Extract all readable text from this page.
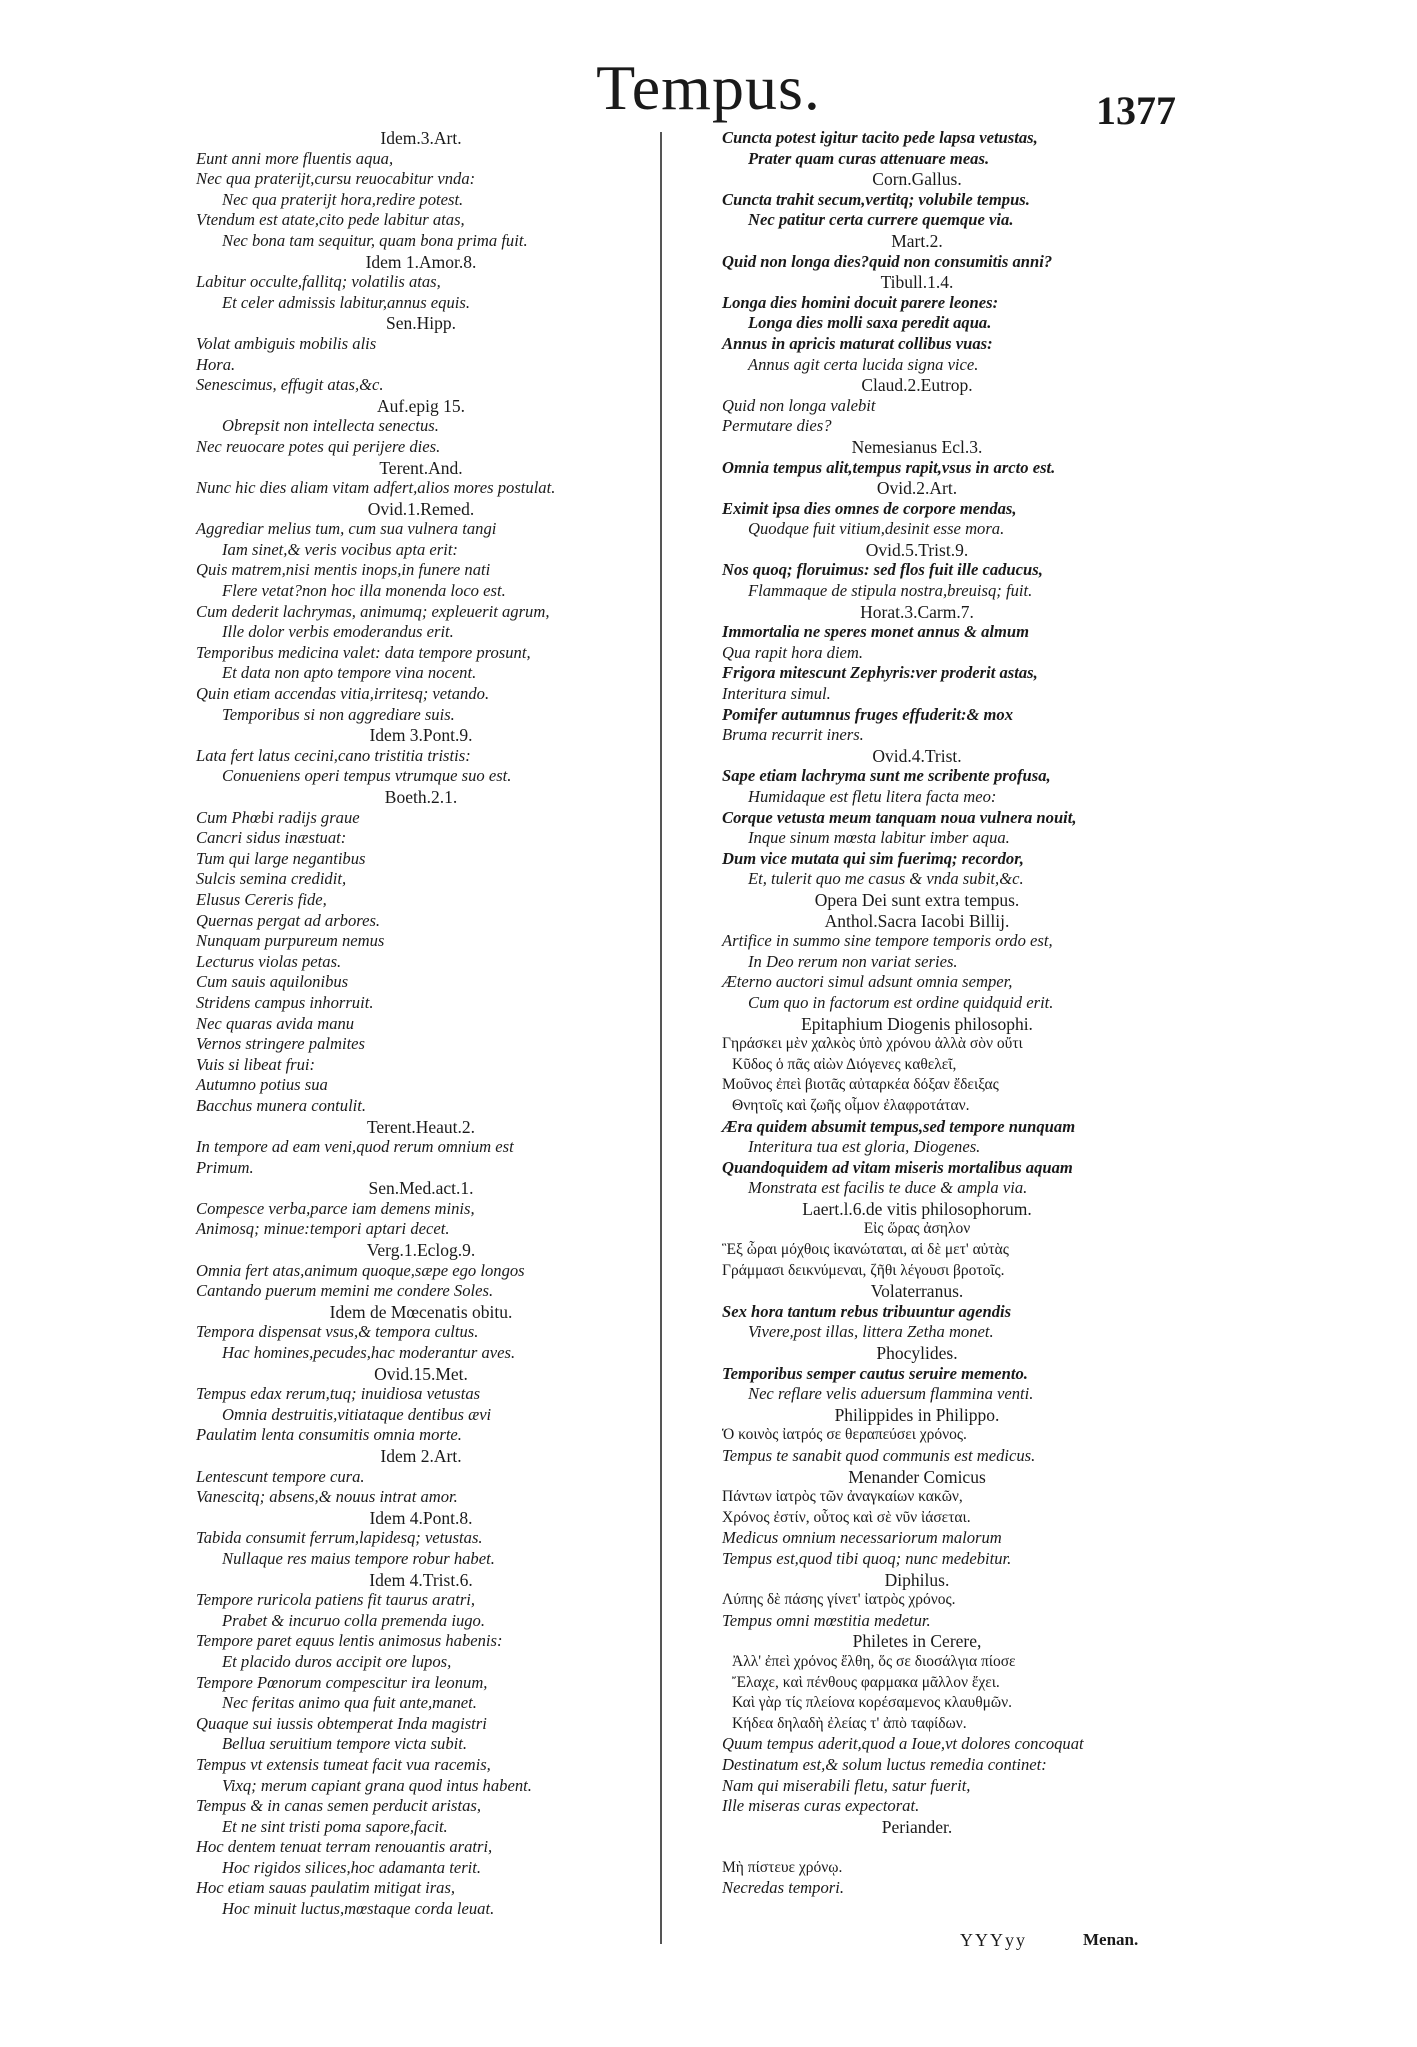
Tempus.	1377
Idem.3.Art.
Eunt anni more fluentis aqua,
Nec qua praterijt,cursu reuocabitur vnda:
Nec qua praterijt hora,redire potest.
Vtendum est atate,cito pede labitur atas,
Nec bona tam sequitur, quam bona prima fuit.
Idem 1.Amor.8.
Labitur occulte,fallitq; volatilis atas,
Et celer admissis labitur,annus equis.
Sen.Hipp.
Volat ambiguis mobilis alis
Hora.
Senescimus, effugit atas,&c.
Auf.epig 15.
Obrepsit non intellecta senectus.
Nec reuocare potes qui perijere dies.
Terent.And.
Nunc hic dies aliam vitam adfert,alios mores postulat.
Ovid.1.Remed.
Aggrediar melius tum, cum sua vulnera tangi
Iam sinet,& veris vocibus apta erit:
Quis matrem,nisi mentis inops,in funere nati
Flere vetat?non hoc illa monenda loco est.
Cum dederit lachrymas, animumq; expleuerit agrum,
Ille dolor verbis emoderandus erit.
Temporibus medicina valet: data tempore prosunt,
Et data non apto tempore vina nocent.
Quin etiam accendas vitia,irritesq; vetando.
Temporibus si non aggrediare suis.
Idem 3.Pont.9.
Lata fert latus cecini,cano tristitia tristis:
Conueniens operi tempus vtrumque suo est.
Boeth.2.1.
Cum Phœbi radijs graue
Cancri sidus inæstuat:
Tum qui large negantibus
Sulcis semina credidit,
Elusus Cereris fide,
Quernas pergat ad arbores.
Nunquam purpureum nemus
Lecturus violas petas.
Cum sauis aquilonibus
Stridens campus inhorruit.
Nec quaras avida manu
Vernos stringere palmites
Vuis si libeat frui:
Autumno potius sua
Bacchus munera contulit.
Terent.Heaut.2.
In tempore ad eam veni,quod rerum omnium est
Primum.
Sen.Med.act.1.
Compesce verba,parce iam demens minis,
Animosq; minue:tempori aptari decet.
Verg.1.Eclog.9.
Omnia fert atas,animum quoque,sæpe ego longos
Cantando puerum memini me condere Soles.
Idem de Mœcenatis obitu.
Tempora dispensat vsus,& tempora cultus.
Hac homines,pecudes,hac moderantur aves.
Ovid.15.Met.
Tempus edax rerum,tuq; inuidiosa vetustas
Omnia destruitis,vitiataque dentibus ævi
Paulatim lenta consumitis omnia morte.
Idem 2.Art.
Lentescunt tempore cura.
Vanescitq; absens,& nouus intrat amor.
Idem 4.Pont.8.
Tabida consumit ferrum,lapidesq; vetustas.
Nullaque res maius tempore robur habet.
Idem 4.Trist.6.
Tempore ruricola patiens fit taurus aratri,
Prabet & incuruo colla premenda iugo.
Tempore paret equus lentis animosus habenis:
Et placido duros accipit ore lupos,
Tempore Pœnorum compescitur ira leonum,
Nec feritas animo qua fuit ante,manet.
Quaque sui iussis obtemperat Inda magistri
Bellua seruitium tempore victa subit.
Tempus vt extensis tumeat facit vua racemis,
Vixq; merum capiant grana quod intus habent.
Tempus & in canas semen perducit aristas,
Et ne sint tristi poma sapore,facit.
Hoc dentem tenuat terram renouantis aratri,
Hoc rigidos silices,hoc adamanta terit.
Hoc etiam sauas paulatim mitigat iras,
Hoc minuit luctus,mœstaque corda leuat.
Cuncta potest igitur tacito pede lapsa vetustas,
Prater quam curas attenuare meas.
Corn.Gallus.
Cuncta trahit secum,vertitq; volubile tempus.
Nec patitur certa currere quemque via.
Mart.2.
Quid non longa dies?quid non consumitis anni?
Tibull.1.4.
Longa dies homini docuit parere leones:
Longa dies molli saxa peredit aqua.
Annus in apricis maturat collibus vuas:
Annus agit certa lucida signa vice.
Claud.2.Eutrop.
Quid non longa valebit
Permutare dies?
Nemesianus Ecl.3.
Omnia tempus alit,tempus rapit,vsus in arcto est.
Ovid.2.Art.
Eximit ipsa dies omnes de corpore mendas,
Quodque fuit vitium,desinit esse mora.
Ovid.5.Trist.9.
Nos quoq; floruimus: sed flos fuit ille caducus,
Flammaque de stipula nostra,breuisq; fuit.
Horat.3.Carm.7.
Immortalia ne speres monet annus & almum
Qua rapit hora diem.
Frigora mitescunt Zephyris:ver proderit astas,
Interitura simul.
Pomifer autumnus fruges effuderit:& mox
Bruma recurrit iners.
Ovid.4.Trist.
Sape etiam lachryma sunt me scribente profusa,
Humidaque est fletu litera facta meo:
Corque vetusta meum tanquam noua vulnera nouit,
Inque sinum mœsta labitur imber aqua.
Dum vice mutata qui sim fuerimq; recordor,
Et, tulerit quo me casus & vnda subit,&c.
Opera Dei sunt extra tempus.
Anthol.Sacra Iacobi Billij.
Artifice in summo sine tempore temporis ordo est,
In Deo rerum non variat series.
Æterno auctori simul adsunt omnia semper,
Cum quo in factorum est ordine quidquid erit.
Epitaphium Diogenis philosophi.
Γηράσκει μὲν χαλκὸς ὑπὸ χρόνου ἀλλὰ σὸν οὔτι
Κῦδος ὁ πᾶς αἰὼν Διόγενες καθελεῖ,
Μοῦνος ἐπεὶ βιοτᾶς αὐταρκέα δόξαν ἔδειξας
Θνητοῖς καὶ ζωῆς οἶμον ἐλαφροτάταν.
Æra quidem absumit tempus,sed tempore nunquam
Interitura tua est gloria, Diogenes.
Quandoquidem ad vitam miseris mortalibus aquam
Monstrata est facilis te duce & ampla via.
Laert.l.6.de vitis philosophorum.
Εἰς ὥρας ἀσηλον
Ἓξ ὧραι μόχθοις ἱκανώταται, αἱ δὲ μετ' αὐτὰς
Γράμμασι δεικνύμεναι, ζῆθι λέγουσι βροτοῖς.
Volaterranus.
Sex hora tantum rebus tribuuntur agendis
Vivere,post illas, littera Zetha monet.
Phocylides.
Temporibus semper cautus seruire memento.
Nec reflare velis aduersum flammina venti.
Philippides in Philippo.
Ὁ κοινὸς ἰατρός σε θεραπεύσει χρόνος.
Tempus te sanabit quod communis est medicus.
Menander Comicus
Πάντων ἰατρὸς τῶν ἀναγκαίων κακῶν,
Χρόνος ἐστίν, οὗτος καὶ σὲ νῦν ἰάσεται.
Medicus omnium necessariorum malorum
Tempus est,quod tibi quoq; nunc medebitur.
Diphilus.
Λύπης δὲ πάσης γίνετ' ἰατρὸς χρόνος.
Tempus omni mœstitia medetur.
Philetes in Cerere,
Ἀλλ' ἐπεὶ χρόνος ἔλθη, ὅς σε διοσάλγια πίοσε
Ἔλαχε, καὶ πένθους φαρμακα μᾶλλον ἔχει.
Καὶ γὰρ τίς πλείονα κορέσαμενος κλαυθμῶν.
Κήδεα δηλαδὴ ἐλείας τ' ἀπὸ ταφίδων.
Quum tempus aderit,quod a Ioue,vt dolores concoquat
Destinatum est,& solum luctus remedia continet:
Nam qui miserabili fletu, satur fuerit,
Ille miseras curas expectorat.
Periander.
Μὴ πίστευε χρόνῳ.
Necredas tempori.
YYYyy	Menan.
